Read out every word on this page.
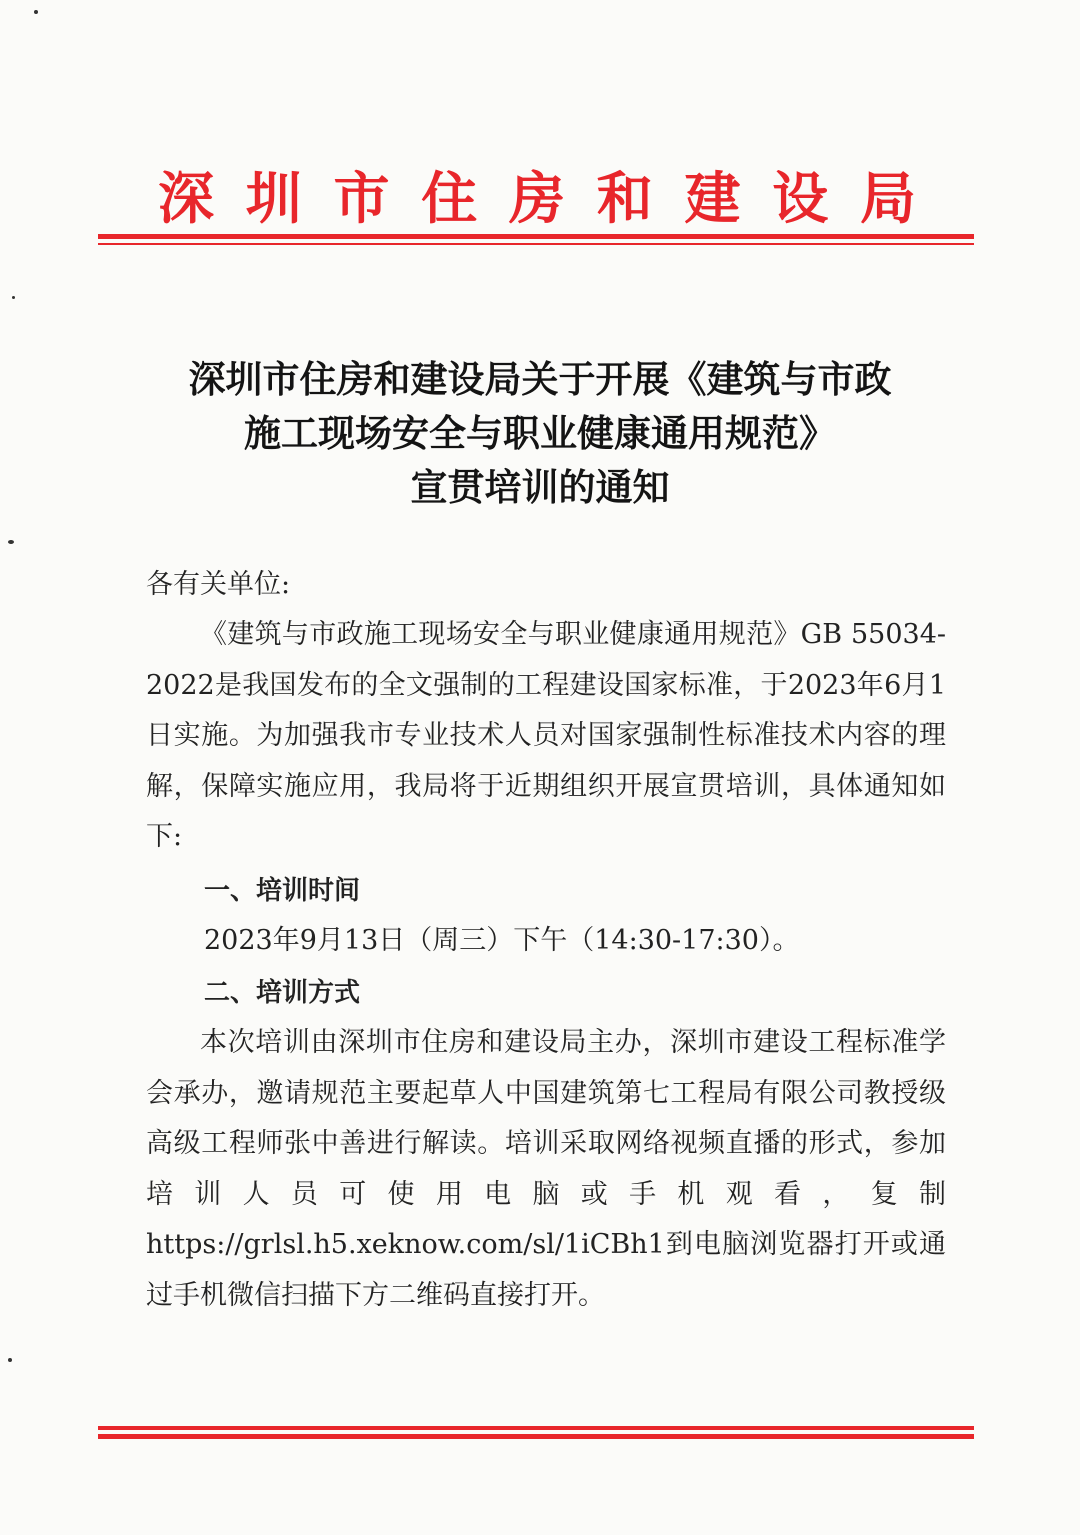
深 圳 市 住 房 和 建 设 局
深圳市住房和建设局关于开展《建筑与市政
施工现场安全与职业健康通用规范》
宣贯培训的通知
各有关单位:
《建筑与市政施工现场安全与职业健康通用规范》GB 55034-2022是我国发布的全文强制的工程建设国家标准，于2023年6月1日实施。为加强我市专业技术人员对国家强制性标准技术内容的理解，保障实施应用，我局将于近期组织开展宣贯培训，具体通知如下:
一、培训时间
2023年9月13日（周三）下午（14:30-17:30）。
二、培训方式
本次培训由深圳市住房和建设局主办，深圳市建设工程标准学会承办，邀请规范主要起草人中国建筑第七工程局有限公司教授级高级工程师张中善进行解读。培训采取网络视频直播的形式，参加培训人员可使用电脑或手机观看，复制https://grlsl.h5.xeknow.com/sl/1iCBh1到电脑浏览器打开或通过手机微信扫描下方二维码直接打开。
